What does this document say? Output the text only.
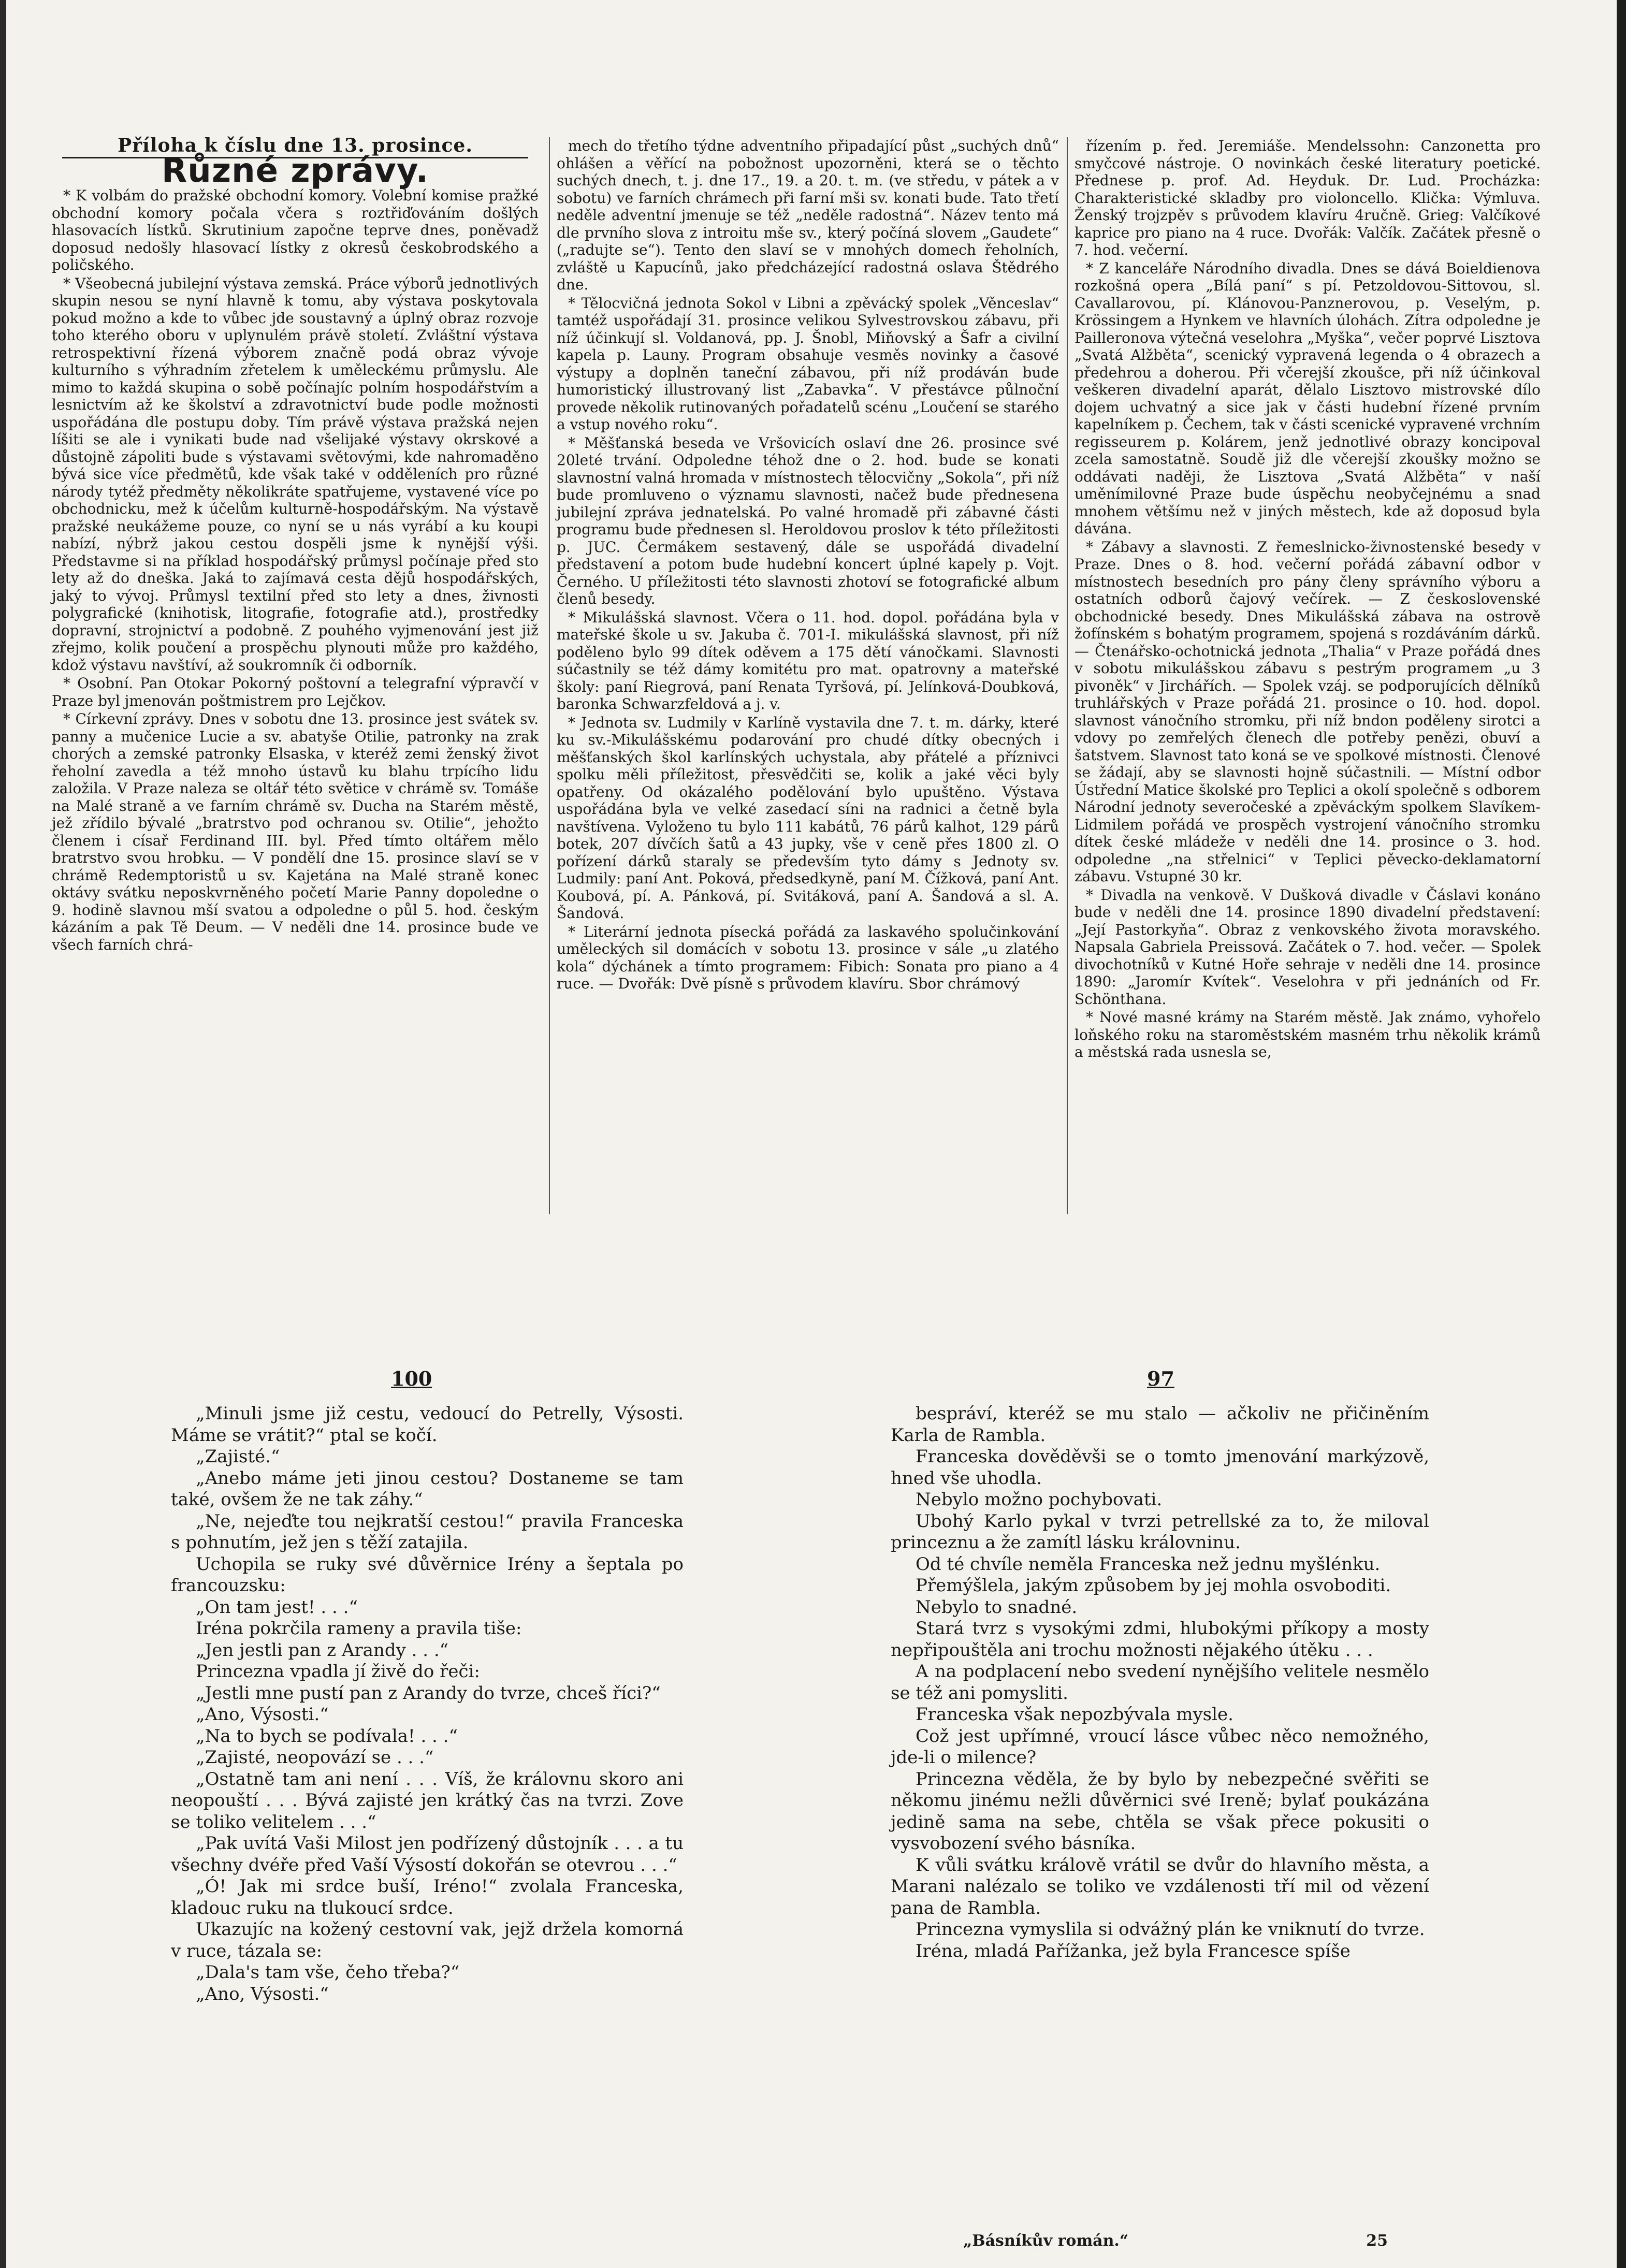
Příloha k číslu dne 13. prosince.
Různé zprávy.

* K volbám do pražské obchodní komory. Volební komise pražké obchodní komory počala včera s roztřiďováním došlých hlasovacích lístků. Skrutinium započne teprve dnes, poněvadž doposud nedošly hlasovací lístky z okresů českobrodského a poličského.

* Všeobecná jubilejní výstava zemská. Práce výborů jednotlivých skupin nesou se nyní hlavně k tomu, aby výstava poskytovala pokud možno a kde to vůbec jde soustavný a úplný obraz rozvoje toho kterého oboru v uplynulém právě století. Zvláštní výstava retrospektivní řízená výborem značně podá obraz vývoje kulturního s výhradním zřetelem k uměleckému průmyslu. Ale mimo to každá skupina o sobě počínajíc polním hospodářstvím a lesnictvím až ke školství a zdravotnictví bude podle možnosti uspořádána dle postupu doby. Tím právě výstava pražská nejen líšiti se ale i vynikati bude nad všelijaké výstavy okrskové a důstojně zápoliti bude s výstavami světovými, kde nahromaděno bývá sice více předmětů, kde však také v odděleních pro různé národy tytéž předměty několikráte spatřujeme, vystavené více po obchodnicku, mež k účelům kulturně-hospodářským. Na výstavě pražské neukážeme pouze, co nyní se u nás vyrábí a ku koupi nabízí, nýbrž jakou cestou dospěli jsme k nynější výši. Představme si na příklad hospodářský průmysl počínaje před sto lety až do dneška. Jaká to zajímavá cesta dějů hospodářských, jaký to vývoj. Průmysl textilní před sto lety a dnes, živnosti polygrafické (knihotisk, litografie, fotografie atd.), prostředky dopravní, strojnictví a podobně. Z pouhého vyjmenování jest již zřejmo, kolik poučení a prospěchu plynouti může pro každého, kdož výstavu navštíví, až soukromník či odborník.

* Osobní. Pan Otokar Pokorný poštovní a telegrafní výpravčí v Praze byl jmenován poštmistrem pro Lejčkov.

* Církevní zprávy. Dnes v sobotu dne 13. prosince jest svátek sv. panny a mučenice Lucie a sv. abatyše Otilie, patronky na zrak chorých a zemské patronky Elsaska, v kteréž zemi ženský život řeholní zavedla a též mnoho ústavů ku blahu trpícího lidu založila. V Praze naleza se oltář této světice v chrámě sv. Tomáše na Malé straně a ve farním chrámě sv. Ducha na Starém městě, jež zřídilo bývalé „bratrstvo pod ochranou sv. Otilie“, jehožto členem i císař Ferdinand III. byl. Před tímto oltářem mělo bratrstvo svou hrobku. — V pondělí dne 15. prosince slaví se v chrámě Redemptoristů u sv. Kajetána na Malé straně konec oktávy svátku neposkvrněného početí Marie Panny dopoledne o 9. hodině slavnou mší svatou a odpoledne o půl 5. hod. českým kázáním a pak Tě Deum. — V neděli dne 14. prosince bude ve všech farních chrá-

mech do třetího týdne adventního připadající půst „suchých dnů“ ohlášen a věřící na pobožnost upozorněni, která se o těchto suchých dnech, t. j. dne 17., 19. a 20. t. m. (ve středu, v pátek a v sobotu) ve farních chrámech při farní mši sv. konati bude. Tato třetí neděle adventní jmenuje se též „neděle radostná“. Název tento má dle prvního slova z introitu mše sv., který počíná slovem „Gaudete“ („radujte se“). Tento den slaví se v mnohých domech řeholních, zvláště u Kapucínů, jako předcházející radostná oslava Štědrého dne.

* Tělocvičná jednota Sokol v Libni a zpěvácký spolek „Věnceslav“ tamtéž uspořádají 31. prosince velikou Sylvestrovskou zábavu, při níž účinkují sl. Voldanová, pp. J. Šnobl, Miňovský a Šafr a civilní kapela p. Launy. Program obsahuje vesměs novinky a časové výstupy a doplněn taneční zábavou, při níž prodáván bude humoristický illustrovaný list „Zabavka“. V přestávce půlnoční provede několik rutinovaných pořadatelů scénu „Loučení se starého a vstup nového roku“.

* Měšťanská beseda ve Vršovicích oslaví dne 26. prosince své 20leté trvání. Odpoledne téhož dne o 2. hod. bude se konati slavnostní valná hromada v místnostech tělocvičny „Sokola“, při níž bude promluveno o významu slavnosti, načež bude přednesena jubilejní zpráva jednatelská. Po valné hromadě při zábavné části programu bude přednesen sl. Heroldovou proslov k této příležitosti p. JUC. Čermákem sestavený, dále se uspořádá divadelní představení a potom bude hudební koncert úplné kapely p. Vojt. Černého. U příležitosti této slavnosti zhotoví se fotografické album členů besedy.

* Mikulášská slavnost. Včera o 11. hod. dopol. pořádána byla v mateřské škole u sv. Jakuba č. 701-I. mikulášská slavnost, při níž poděleno bylo 99 dítek oděvem a 175 dětí vánočkami. Slavnosti súčastnily se též dámy komitétu pro mat. opatrovny a mateřské školy: paní Riegrová, paní Renata Tyršová, pí. Jelínková-Doubková, baronka Schwarzfeldová a j. v.

* Jednota sv. Ludmily v Karlíně vystavila dne 7. t. m. dárky, které ku sv.-Mikulášskému podarování pro chudé dítky obecných i měšťanských škol karlínských uchystala, aby přátelé a příznivci spolku měli příležitost, přesvědčiti se, kolik a jaké věci byly opatřeny. Od okázalého podělování bylo upuštěno. Výstava uspořádána byla ve velké zasedací síni na radnici a četně byla navštívena. Vyloženo tu bylo 111 kabátů, 76 párů kalhot, 129 párů botek, 207 dívčích šatů a 43 jupky, vše v ceně přes 1800 zl. O pořízení dárků staraly se především tyto dámy s Jednoty sv. Ludmily: paní Ant. Poková, předsedkyně, paní M. Čížková, paní Ant. Koubová, pí. A. Pánková, pí. Svitáková, paní A. Šandová a sl. A. Šandová.

* Literární jednota písecká pořádá za laskavého spolučinkování uměleckých sil domácích v sobotu 13. prosince v sále „u zlatého kola“ dýchánek a tímto programem: Fibich: Sonata pro piano a 4 ruce. — Dvořák: Dvě písně s průvodem klavíru. Sbor chrámový

řízením p. řed. Jeremiáše. Mendelssohn: Canzonetta pro smyčcové nástroje. O novinkách české literatury poetické. Přednese p. prof. Ad. Heyduk. Dr. Lud. Procházka: Charakteristické skladby pro violoncello. Klička: Výmluva. Ženský trojzpěv s průvodem klavíru 4ručně. Grieg: Valčíkové kaprice pro piano na 4 ruce. Dvořák: Valčík. Začátek přesně o 7. hod. večerní.

* Z kanceláře Národního divadla. Dnes se dává Boieldienova rozkošná opera „Bílá paní“ s pí. Petzoldovou-Sittovou, sl. Cavallarovou, pí. Klánovou-Panznerovou, p. Veselým, p. Krössingem a Hynkem ve hlavních úlohách. Zítra odpoledne je Pailleronova výtečná veselohra „Myška“, večer poprvé Lisztova „Svatá Alžběta“, scenický vypravená legenda o 4 obrazech a předehrou a doherou. Při včerejší zkoušce, při níž účinkoval veškeren divadelní aparát, dělalo Lisztovo mistrovské dílo dojem uchvatný a sice jak v části hudební řízené prvním kapelníkem p. Čechem, tak v části scenické vypravené vrchním regisseurem p. Kolárem, jenž jednotlivé obrazy koncipoval zcela samostatně. Soudě již dle včerejší zkoušky možno se oddávati naději, že Lisztova „Svatá Alžběta“ v naší uměnímilovné Praze bude úspěchu neobyčejnému a snad mnohem většímu než v jiných městech, kde až doposud byla dávána.

* Zábavy a slavnosti. Z řemeslnicko-živnostenské besedy v Praze. Dnes o 8. hod. večerní pořádá zábavní odbor v místnostech besedních pro pány členy správního výboru a ostatních odborů čajový večírek. — Z československé obchodnické besedy. Dnes Mikulášská zábava na ostrově žofínském s bohatým programem, spojená s rozdáváním dárků. — Čtenářsko-ochotnická jednota „Thalia“ v Praze pořádá dnes v sobotu mikulášskou zábavu s pestrým programem „u 3 pivoněk“ v Jirchářích. — Spolek vzáj. se podporujících dělníků truhlářských v Praze pořádá 21. prosince o 10. hod. dopol. slavnost vánočního stromku, při níž bndon poděleny sirotci a vdovy po zemřelých členech dle potřeby penězi, obuví a šatstvem. Slavnost tato koná se ve spolkové místnosti. Členové se žádají, aby se slavnosti hojně súčastnili. — Místní odbor Ústřední Matice školské pro Teplici a okolí společně s odborem Národní jednoty severočeské a zpěváckým spolkem Slavíkem-Lidmilem pořádá ve prospěch vystrojení vánočního stromku dítek české mládeže v neděli dne 14. prosince o 3. hod. odpoledne „na střelnici“ v Teplici pěvecko-deklamatorní zábavu. Vstupné 30 kr.

* Divadla na venkově. V Dušková divadle v Čáslavi konáno bude v neděli dne 14. prosince 1890 divadelní představení: „Její Pastorkyňa“. Obraz z venkovského života moravského. Napsala Gabriela Preissová. Začátek o 7. hod. večer. — Spolek divochotníků v Kutné Hoře sehraje v neděli dne 14. prosince 1890: „Jaromír Kvítek“. Veselohra v při jednáních od Fr. Schönthana.

* Nové masné krámy na Starém městě. Jak známo, vyhořelo loňského roku na staroměstském masném trhu několik krámů a městská rada usnesla se,

100	97

„Minuli jsme již cestu, vedoucí do Petrelly, Výsosti. Máme se vrátit?“ ptal se kočí.

„Zajisté.“

„Anebo máme jeti jinou cestou? Dostaneme se tam také, ovšem že ne tak záhy.“

„Ne, nejeďte tou nejkratší cestou!“ pravila Franceska s pohnutím, jež jen s těží zatajila.

Uchopila se ruky své důvěrnice Irény a šeptala po francouzsku:

„On tam jest! . . .“

Iréna pokrčila rameny a pravila tiše:

„Jen jestli pan z Arandy . . .“

Princezna vpadla jí živě do řeči:

„Jestli mne pustí pan z Arandy do tvrze, chceš říci?“

„Ano, Výsosti.“

„Na to bych se podívala! . . .“

„Zajisté, neopovází se . . .“

„Ostatně tam ani není . . . Víš, že královnu skoro ani neopouští . . . Bývá zajisté jen krátký čas na tvrzi. Zove se toliko velitelem . . .“

„Pak uvítá Vaši Milost jen podřízený důstojník . . . a tu všechny dvéře před Vaší Výsostí dokořán se otevrou . . .“

„Ó! Jak mi srdce buší, Iréno!“ zvolala Franceska, kladouc ruku na tlukoucí srdce.

Ukazujíc na kožený cestovní vak, jejž držela komorná v ruce, tázala se:

„Dala's tam vše, čeho třeba?“

„Ano, Výsosti.“

bespráví, kteréž se mu stalo — ačkoliv ne přičiněním Karla de Rambla.

Franceska dověděvši se o tomto jmenování markýzově, hned vše uhodla.

Nebylo možno pochybovati.

Ubohý Karlo pykal v tvrzi petrellské za to, že miloval princeznu a že zamítl lásku královninu.

Od té chvíle neměla Franceska než jednu myšlénku.

Přemýšlela, jakým způsobem by jej mohla osvoboditi.

Nebylo to snadné.

Stará tvrz s vysokými zdmi, hlubokými příkopy a mosty nepřipouštěla ani trochu možnosti nějakého útěku . . .

A na podplacení nebo svedení nynějšího velitele nesmělo se též ani pomysliti.

Franceska však nepozbývala mysle.

Což jest upřímné, vroucí lásce vůbec něco nemožného, jde-li o milence?

Princezna věděla, že by bylo by nebezpečné svěřiti se někomu jinému nežli důvěrnici své Ireně; bylať poukázána jedině sama na sebe, chtěla se však přece pokusiti o vysvobození svého básníka.

K vůli svátku králově vrátil se dvůr do hlavního města, a Marani nalézalo se toliko ve vzdálenosti tří mil od vězení pana de Rambla.

Princezna vymyslila si odvážný plán ke vniknutí do tvrze.

Iréna, mladá Pařížanka, jež byla Francesce spíše

„Básníkův román.“	25
